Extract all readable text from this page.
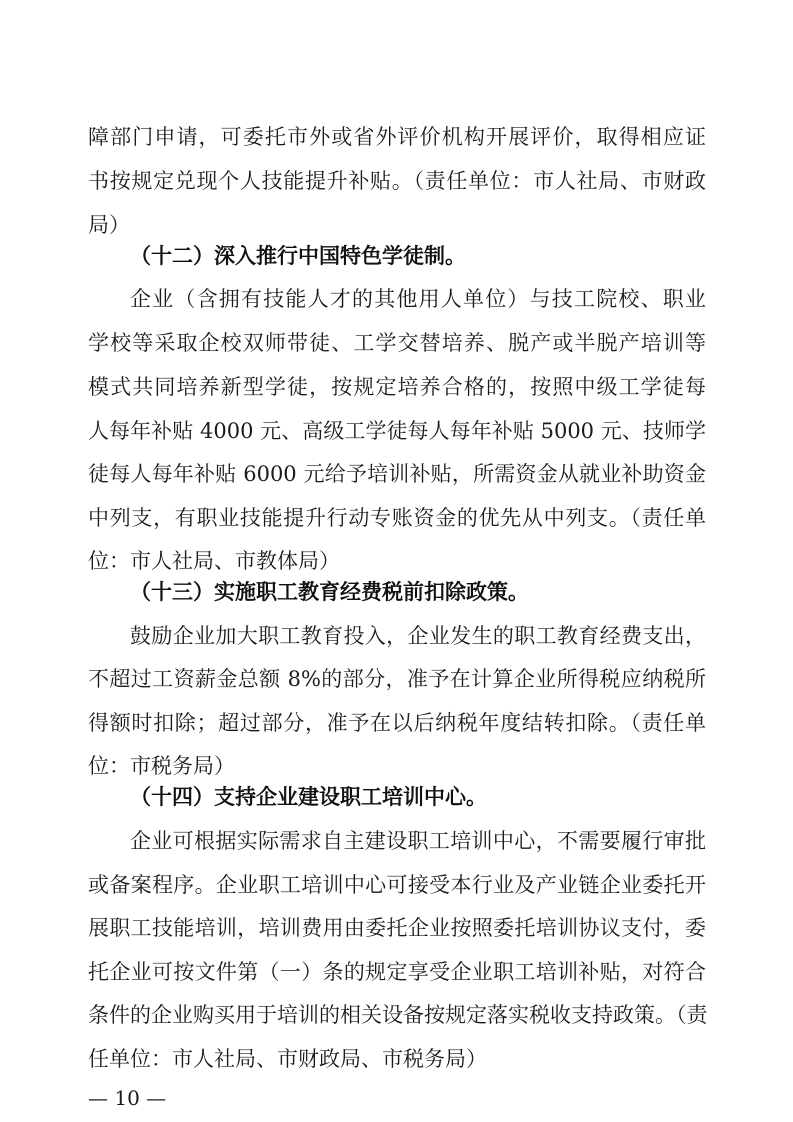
障部门申请，可委托市外或省外评价机构开展评价，取得相应证
书按规定兑现个人技能提升补贴。（责任单位：市人社局、市财政
局）
（十二）深入推行中国特色学徒制。
企业（含拥有技能人才的其他用人单位）与技工院校、职业
学校等采取企校双师带徒、工学交替培养、脱产或半脱产培训等
模式共同培养新型学徒，按规定培养合格的，按照中级工学徒每
人每年补贴 4000 元、高级工学徒每人每年补贴 5000 元、技师学
徒每人每年补贴 6000 元给予培训补贴，所需资金从就业补助资金
中列支，有职业技能提升行动专账资金的优先从中列支。（责任单
位：市人社局、市教体局）
（十三）实施职工教育经费税前扣除政策。
鼓励企业加大职工教育投入，企业发生的职工教育经费支出，
不超过工资薪金总额 8%的部分，准予在计算企业所得税应纳税所
得额时扣除；超过部分，准予在以后纳税年度结转扣除。（责任单
位：市税务局）
（十四）支持企业建设职工培训中心。
企业可根据实际需求自主建设职工培训中心，不需要履行审批
或备案程序。企业职工培训中心可接受本行业及产业链企业委托开
展职工技能培训，培训费用由委托企业按照委托培训协议支付，委
托企业可按文件第（一）条的规定享受企业职工培训补贴，对符合
条件的企业购买用于培训的相关设备按规定落实税收支持政策。（责
任单位：市人社局、市财政局、市税务局）
— 10 —
